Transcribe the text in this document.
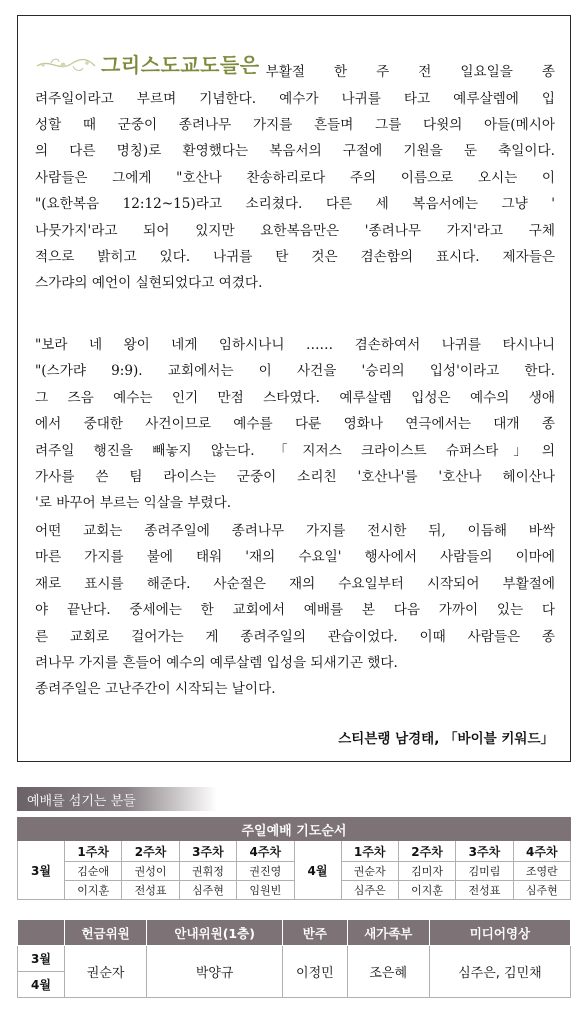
그리스도교도들은 부활절 한 주 전 일요일을 종
려주일이라고 부르며 기념한다. 예수가 나귀를 타고 예루살렘에 입
성할 때 군중이 종려나무 가지를 흔들며 그를 다윗의 아들(메시아
의 다른 명칭)로 환영했다는 복음서의 구절에 기원을 둔 축일이다.
사람들은 그에게 "호산나 찬송하리로다 주의 이름으로 오시는 이
"(요한복음 12:12~15)라고 소리쳤다. 다른 세 복음서에는 그냥 '
나뭇가지'라고 되어 있지만 요한복음만은 '종려나무 가지'라고 구체
적으로 밝히고 있다. 나귀를 탄 것은 겸손함의 표시다. 제자들은
스가랴의 예언이 실현되었다고 여겼다.

"보라 네 왕이 네게 임하시나니 …… 겸손하여서 나귀를 타시나니
"(스가랴 9:9). 교회에서는 이 사건을 '승리의 입성'이라고 한다.
그 즈음 예수는 인기 만점 스타였다. 예루살렘 입성은 예수의 생애
에서 중대한 사건이므로 예수를 다룬 영화나 연극에서는 대개 종
려주일 행진을 빼놓지 않는다. 「지저스 크라이스트 슈퍼스타」의
가사를 쓴 팀 라이스는 군중이 소리친 '호산나'를 '호산나 헤이산나
'로 바꾸어 부르는 익살을 부렸다.

어떤 교회는 종려주일에 종려나무 가지를 전시한 뒤, 이듬해 바싹
마른 가지를 불에 태워 '재의 수요일' 행사에서 사람들의 이마에
재로 표시를 해준다. 사순절은 재의 수요일부터 시작되어 부활절에
야 끝난다. 중세에는 한 교회에서 예배를 본 다음 가까이 있는 다
른 교회로 걸어가는 게 종려주일의 관습이었다. 이때 사람들은 종
려나무 가지를 흔들어 예수의 예루살렘 입성을 되새기곤 했다.
종려주일은 고난주간이 시작되는 날이다.

스티븐랭 남경태, 「바이블 키워드」
예배를 섬기는 분들
주일예배 기도순서									
3월	1주차	2주차	3주차	4주차	4월	1주차	2주차	3주차	4주차
	김순애	권성이	권휘정	권진영		권순자	김미자	김미림	조영란
	이지훈	전성표	심주현	임원빈		심주은	이지훈	전성표	심주현
	헌금위원	안내위원(1층)	반주	새가족부	미디어영상
3월	권순자	박양규	이정민	조은혜	심주은, 김민채
4월					
